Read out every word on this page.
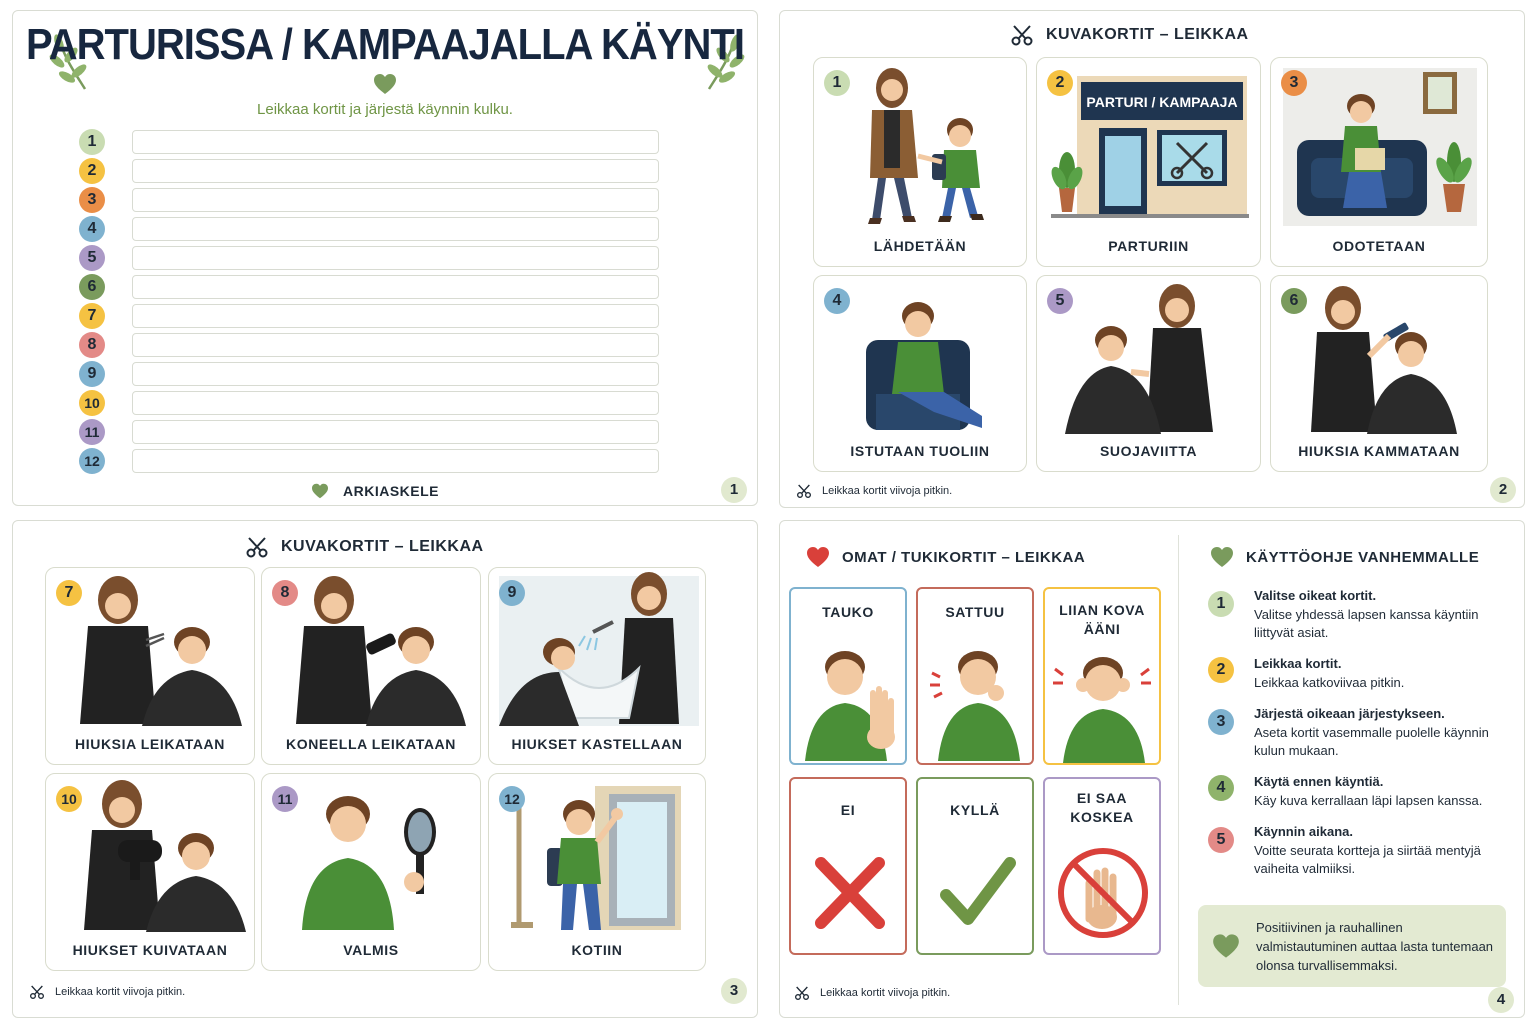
PARTURISSA / KAMPAAJALLA KÄYNTI
Leikkaa kortit ja järjestä käynnin kulku.
1
2
3
4
5
6
7
8
9
10
11
12
ARKIASKELE	1
KUVAKORTIT – LEIKKAA
1
LÄHDETÄÄN
2
PARTURI / KAMPAAJA
PARTURIIN
3
ODOTETAAN
4
ISTUTAAN TUOLIIN
5
SUOJAVIITTA
6
HIUKSIA KAMMATAAN
Leikkaa kortit viivoja pitkin.	2
KUVAKORTIT – LEIKKAA
7
HIUKSIA LEIKATAAN
8
KONEELLA LEIKATAAN
9
HIUKSET KASTELLAAN
10
HIUKSET KUIVATAAN
11
VALMIS
12
KOTIIN
Leikkaa kortit viivoja pitkin.	3
OMAT / TUKIKORTIT – LEIKKAA
TAUKO	SATTUU	LIIAN KOVA ÄÄNI
EI	KYLLÄ
EI SAA KOSKEA
Leikkaa kortit viivoja pitkin.
KÄYTTÖOHJE VANHEMMALLE
1	Valitse oikeat kortit.
Valitse yhdessä lapsen kanssa käyntiin liittyvät asiat.
2	Leikkaa kortit.
Leikkaa katkoviivaa pitkin.
3	Järjestä oikeaan järjestykseen.
Aseta kortit vasemmalle puolelle käynnin kulun mukaan.
4	Käytä ennen käyntiä.
Käy kuva kerrallaan läpi lapsen kanssa.
5	Käynnin aikana.
Voitte seurata kortteja ja siirtää mentyjä vaiheita valmiiksi.
Positiivinen ja rauhallinen valmistautuminen auttaa lasta tuntemaan olonsa turvallisemmaksi.
4
